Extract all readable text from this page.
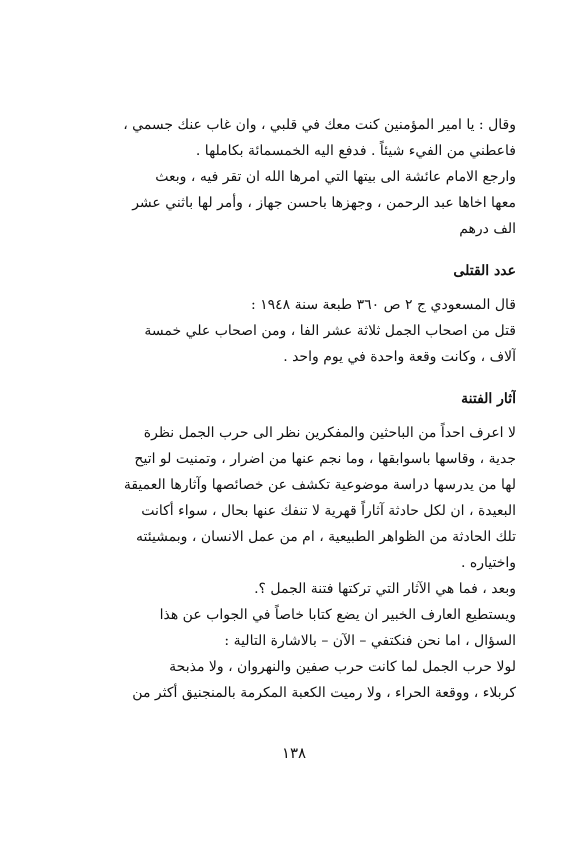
وقال : يا امير المؤمنين كنت معك في قلبي ، وان غاب عنك جسمي ،
فاعطني من الفيء شيئاً . فدفع اليه الخمسمائة بكاملها .
وارجع الامام عائشة الى بيتها التي امرها الله ان تقر فيه ، وبعث
معها اخاها عبد الرحمن ، وجهزها باحسن جهاز ، وأمر لها باثني عشر
الف درهم
عدد القتلى
قال المسعودي ج ٢ ص ٣٦٠ طبعة سنة ١٩٤٨ :
قتل من اصحاب الجمل ثلاثة عشر الفا ، ومن اصحاب علي خمسة
آلاف ، وكانت وقعة واحدة في يوم واحد .
آثار الفتنة
لا اعرف احداً من الباحثين والمفكرين نظر الى حرب الجمل نظرة
جدية ، وقاسها باسوابقها ، وما نجم عنها من اضرار ، وتمنيت لو اتيح
لها من يدرسها دراسة موضوعية تكشف عن خصائصها وآثارها العميقة
البعيدة ، ان لكل حادثة آثاراً قهرية لا تنفك عنها بحال ، سواء أكانت
تلك الحادثة من الظواهر الطبيعية ، ام من عمل الانسان ، وبمشيئته
واختياره .
وبعد ، فما هي الآثار التي تركتها فتنة الجمل ؟.
ويستطيع العارف الخبير ان يضع كتابا خاصاً في الجواب عن هذا
السؤال ، اما نحن فنكتفي – الآن – بالاشارة التالية :
لولا حرب الجمل لما كانت حرب صفين والنهروان ، ولا مذبحة
كربلاء ، ووقعة الحراء ، ولا رميت الكعبة المكرمة بالمنجنيق أكثر من
١٣٨
